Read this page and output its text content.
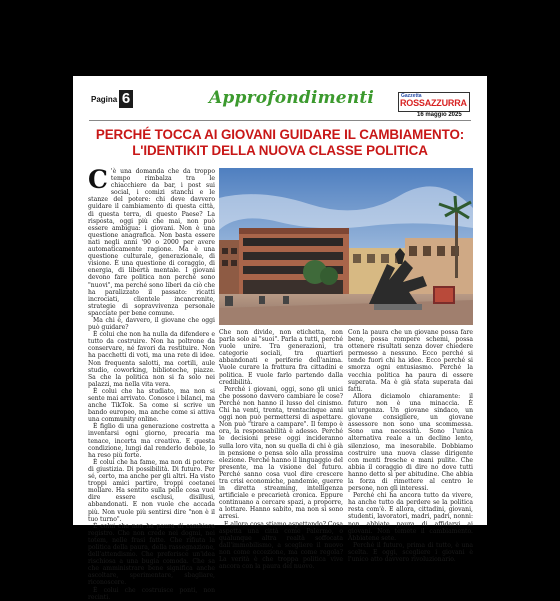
Pagina 6	Approfondimenti	Gazzetta
ROSSAZZURRA
16 maggio 2025
PERCHÉ TOCCA AI GIOVANI GUIDARE IL CAMBIAMENTO:
L'IDENTIKIT DELLA NUOVA CLASSE POLITICA

C 'è una domanda che da troppo tempo rimbalza tra le chiacchiere da bar, i post sui social, i comizi stanchi e le stanze del potere: chi deve davvero guidare il cambiamento di questa città, di questa terra, di questo Paese? La risposta, oggi più che mai, non può essere ambigua: i giovani. Non è una questione anagrafica. Non basta essere nati negli anni '90 o 2000 per avere automaticamente ragione. Ma è una questione culturale, generazionale, di visione. È una questione di coraggio, di energia, di libertà mentale. I giovani devono fare politica non perché sono "nuovi", ma perché sono liberi da ciò che ha paralizzato il passato: ricatti incrociati, clientele incancrenite, strategie di sopravvivenza personale spacciate per bene comune.

Ma chi è, davvero, il giovane che oggi può guidare?

È colui che non ha nulla da difendere e tutto da costruire. Non ha poltrone da conservare, né favori da restituire. Non ha pacchetti di voti, ma una rete di idee. Non frequenta salotti, ma cortili, aule studio, coworking, biblioteche, piazze. Sa che la politica non si fa solo nei palazzi, ma nella vita vera.

È colui che ha studiato, ma non si sente mai arrivato. Conosce i bilanci, ma anche TikTok. Sa come si scrive un bando europeo, ma anche come si attiva una community online.

È figlio di una generazione costretta a inventarsi ogni giorno, precaria ma tenace, incerta ma creativa. E questa condizione, lungi dal renderlo debole, lo ha reso più forte.

È colui che ha fame, ma non di potere: di giustizia. Di possibilità. Di futuro. Per sé, certo, ma anche per gli altri. Ha visto troppi amici partire, troppi coetanei mollare. Ha sentito sulla pelle cosa vuol dire essere esclusi, disillusi, abbandonati. E non vuole che accada più. Non vuole più sentirsi dire "non è il tuo turno".

È colui che non ha paura di cambiare registro. Che non crede nei dogmi, nei totem, nelle frasi fatte. Che rifiuta la politica della paura, della rassegnazione, dell'attendismo. Che preferisce un'idea rischiosa a una bugia comoda. Che sa che amministrare bene significa anche ascoltare, sperimentare, sbagliare, riconoscere.

È colui che costruisce ponti, non recinti.

Che non divide, non etichetta, non parla solo ai "suoi". Parla a tutti, perché vuole unire. Tra generazioni, tra categorie sociali, tra quartieri abbandonati e periferie dell'anima. Vuole curare la frattura fra cittadini e politica. E vuole farlo partendo dalla credibilità.

Perché i giovani, oggi, sono gli unici che possono davvero cambiare le cose? Perché non hanno il lusso del cinismo. Chi ha venti, trenta, trentacinque anni oggi non può permettersi di aspettare. Non può "tirare a campare". Il tempo è ora, la responsabilità è adesso. Perché le decisioni prese oggi incideranno sulla loro vita, non su quella di chi è già in pensione o pensa solo alla prossima elezione. Perché hanno il linguaggio del presente, ma la visione del futuro. Perché sanno cosa vuol dire crescere tra crisi economiche, pandemie, guerre in diretta streaming, intelligenza artificiale e precarietà cronica. Eppure continuano a cercare spazi, a proporre, a lottare. Hanno sabito, ma non si sono arresi.

E allora cosa stiamo aspettando? Cosa aspetta una città come Palermo, o qualunque altra realtà soffocata dall'immobilismo, a scegliere il nuovo non come eccezione, ma come regola? La verità è che troppa politica vive ancora con la paura del nuovo.

Con la paura che un giovane possa fare bene, possa rompere schemi, possa ottenere risultati senza dover chiedere permesso a nessuno. Ecco perché si tende fuori chi ha idee. Ecco perché si smorza ogni entusiasmo. Perché la vecchia politica ha paura di essere superata. Ma è già stata superata dai fatti.

Allora diciamolo chiaramente: il futuro non è una minaccia. È un'urgenza. Un giovane sindaco, un giovane consigliere, un giovane assessore non sono una scommessa. Sono una necessità. Sono l'unica alternativa reale a un declino lento, silenzioso, ma inesorabile. Dobbiamo costruire una nuova classe dirigente con menti fresche e mani pulite. Che abbia il coraggio di dire no dove tutti hanno detto sì per abitudine. Che abbia la forza di rimettere al centro le persone, non gli interessi.

Perché chi ha ancora tutto da vivere, ha anche tutto da perdere se la politica resta com'è. E allora, cittadini, giovani, studenti, lavoratori, madri, padri, nonni: non abbiate paura di affidarvi ai giovani. Non temete il cambiamento. Abbiatene sete.

Perché il futuro, prima di tutto, è una scelta. E oggi, scegliere i giovani è l'unico atto davvero rivoluzionario.
